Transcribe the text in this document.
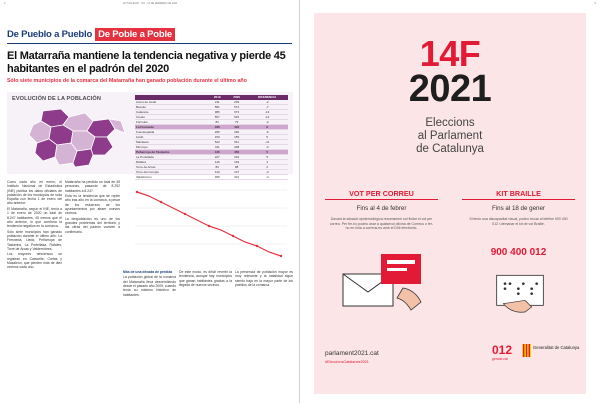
4	ACTUALIDAD · XIX · 12 DE FEBRERO DE 2021
De Pueblo a Pueblo De Poble a Poble
El Matarraña mantiene la tendencia negativa y pierde 45 habitantes en el padrón del 2020
Sólo siete municipios de la comarca del Matarraña han ganado población durante el último año
EVOLUCIÓN DE LA POBLACIÓN
		2019	2020	DIFERENCIA
Arens de Lledó	211	209	-2
Beceite	581	574	-7
Calaceite	986	973	-13
Cretas	557	545	-12
Fórnoles	82	79	-3
La Fresneda	436	442	6
Fuentespalda	296	290	-6
Lledó	150	155	5
Mazaleón	522	511	-11
Monroyo	311	308	-3
Peñarroya de Tastavins	445	450	5
La Portellada	227	232	5
Ráfales	146	149	3
Torre de Arcas	86	88	2
Torre del Compte	140	137	-3
Valdeltormo	305	301	-4

Como cada año en enero, el Instituto Nacional de Estadística (INE) publica los datos oficiales de población de los municipios de toda España con fecha 1 de enero del año anterior.

El Matarraña, según el INE, tenía a 1 de enero de 2020 un total de 8.247 habitantes, 45 menos que el año anterior, lo que confirma la tendencia negativa en la comarca.

Sólo siete municipios han ganado población durante el último año: La Fresneda, Lledó, Peñarroya de Tastavins, La Portellada, Ráfales, Torre de Arcas y Valderrobres.

Los mayores descensos se registran en Calaceite, Cretas y Mazaleón, que pierden más de diez vecinos cada uno.

Matarraña ha perdido un total de 45 personas, pasando de 8.292 habitantes a 8.247.

Esta es la tendencia que se repite año tras año en la comarca, a pesar de los esfuerzos de los ayuntamientos por atraer nuevos vecinos.

La despoblación es uno de los grandes problemas del territorio y las cifras del padrón vuelven a confirmarlo.

Más de una década de pérdida

La población global de la comarca del Matarraña lleva descendiendo desde el pasado año 2009, cuando tenía su máximo histórico de habitantes.

De este modo, es difícil revertir la tendencia, aunque hay municipios que ganan habitantes gracias a la llegada de nuevos vecinos.

La presencia de población mayor es muy relevante y la natalidad sigue siendo baja en la mayor parte de los pueblos de la comarca.

5
14F
2021
Eleccions
al Parlament
de Catalunya
VOT PER CORREU
Fins al 4 de febrer
Davant la situació epidemiològica recomanem sol·licitar el vot per correu. Per fer-ho podeu anar a qualsevol oficina de Correus o fer-ho en línia a correus.es amb el DNI electrònic.
KIT BRAILLE
Fins al 18 de gener
Si teniu una discapacitat visual, podeu trucar al telèfon 900 400 012 i demanar el kit de vot Braille.
900 400 012
parlament2021.cat
#EleccionsCatalanes2021
012
gencat.cat
Generalitat de Catalunya
